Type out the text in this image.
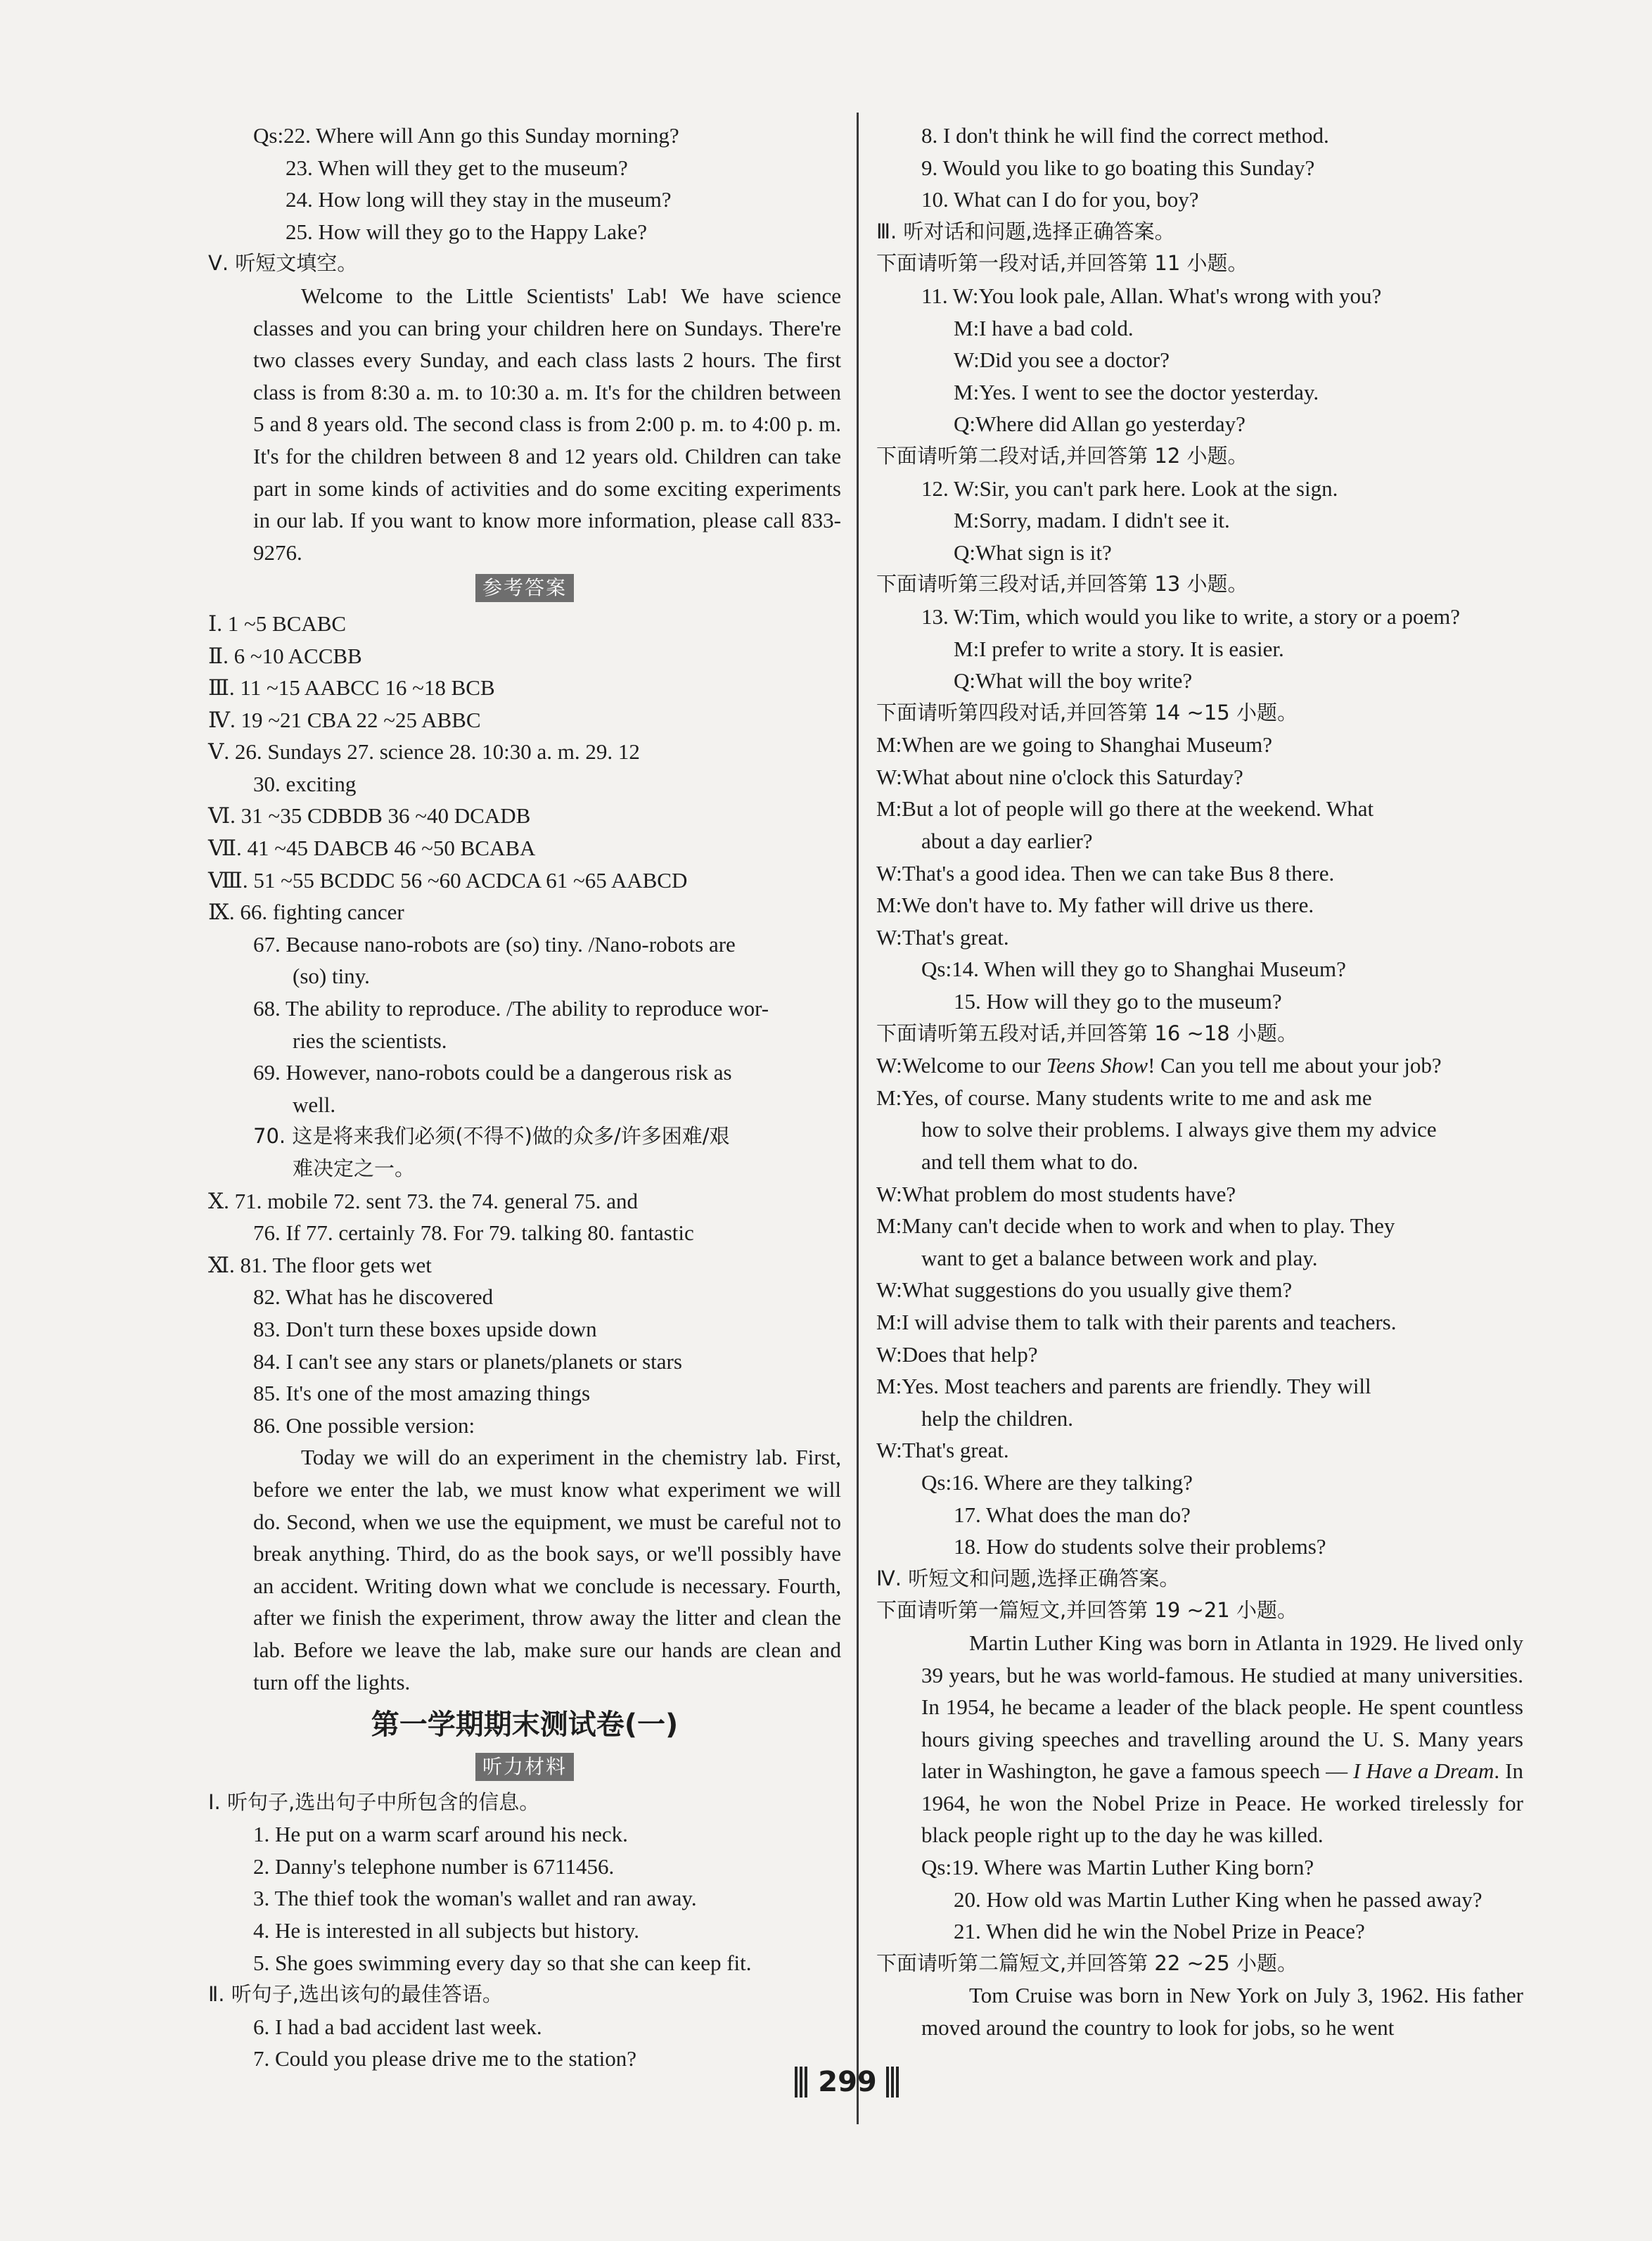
Qs:22. Where will Ann go this Sunday morning?
23. When will they get to the museum?
24. How long will they stay in the museum?
25. How will they go to the Happy Lake?
Ⅴ. 听短文填空。
Welcome to the Little Scientists' Lab! We have science classes and you can bring your children here on Sundays. There're two classes every Sunday, and each class lasts 2 hours. The first class is from 8:30 a. m. to 10:30 a. m. It's for the children between 5 and 8 years old. The second class is from 2:00 p. m. to 4:00 p. m. It's for the children between 8 and 12 years old. Children can take part in some kinds of activities and do some exciting experiments in our lab. If you want to know more information, please call 833-9276.
参考答案
Ⅰ. 1 ~5 BCABC
Ⅱ. 6 ~10 ACCBB
Ⅲ. 11 ~15 AABCC 16 ~18 BCB
Ⅳ. 19 ~21 CBA 22 ~25 ABBC
Ⅴ. 26. Sundays 27. science 28. 10:30 a. m. 29. 12
30. exciting
Ⅵ. 31 ~35 CDBDB 36 ~40 DCADB
Ⅶ. 41 ~45 DABCB 46 ~50 BCABA
Ⅷ. 51 ~55 BCDDC 56 ~60 ACDCA 61 ~65 AABCD
Ⅸ. 66. fighting cancer
67. Because nano-robots are (so) tiny. /Nano-robots are
(so) tiny.
68. The ability to reproduce. /The ability to reproduce wor-
ries the scientists.
69. However, nano-robots could be a dangerous risk as
well.
70. 这是将来我们必须(不得不)做的众多/许多困难/艰
难决定之一。
Ⅹ. 71. mobile 72. sent 73. the 74. general 75. and
76. If 77. certainly 78. For 79. talking 80. fantastic
Ⅺ. 81. The floor gets wet
82. What has he discovered
83. Don't turn these boxes upside down
84. I can't see any stars or planets/planets or stars
85. It's one of the most amazing things
86. One possible version:
Today we will do an experiment in the chemistry lab. First, before we enter the lab, we must know what experiment we will do. Second, when we use the equipment, we must be careful not to break anything. Third, do as the book says, or we'll possibly have an accident. Writing down what we conclude is necessary. Fourth, after we finish the experiment, throw away the litter and clean the lab. Before we leave the lab, make sure our hands are clean and turn off the lights.
第一学期期末测试卷(一)
听力材料
Ⅰ. 听句子,选出句子中所包含的信息。
1. He put on a warm scarf around his neck.
2. Danny's telephone number is 6711456.
3. The thief took the woman's wallet and ran away.
4. He is interested in all subjects but history.
5. She goes swimming every day so that she can keep fit.
Ⅱ. 听句子,选出该句的最佳答语。
6. I had a bad accident last week.
7. Could you please drive me to the station?
8. I don't think he will find the correct method.
9. Would you like to go boating this Sunday?
10. What can I do for you, boy?
Ⅲ. 听对话和问题,选择正确答案。
下面请听第一段对话,并回答第 11 小题。
11. W:You look pale, Allan. What's wrong with you?
M:I have a bad cold.
W:Did you see a doctor?
M:Yes. I went to see the doctor yesterday.
Q:Where did Allan go yesterday?
下面请听第二段对话,并回答第 12 小题。
12. W:Sir, you can't park here. Look at the sign.
M:Sorry, madam. I didn't see it.
Q:What sign is it?
下面请听第三段对话,并回答第 13 小题。
13. W:Tim, which would you like to write, a story or a poem?
M:I prefer to write a story. It is easier.
Q:What will the boy write?
下面请听第四段对话,并回答第 14 ~15 小题。
M:When are we going to Shanghai Museum?
W:What about nine o'clock this Saturday?
M:But a lot of people will go there at the weekend. What
about a day earlier?
W:That's a good idea. Then we can take Bus 8 there.
M:We don't have to. My father will drive us there.
W:That's great.
Qs:14. When will they go to Shanghai Museum?
15. How will they go to the museum?
下面请听第五段对话,并回答第 16 ~18 小题。
W:Welcome to our Teens Show! Can you tell me about your job?
M:Yes, of course. Many students write to me and ask me
how to solve their problems. I always give them my advice
and tell them what to do.
W:What problem do most students have?
M:Many can't decide when to work and when to play. They
want to get a balance between work and play.
W:What suggestions do you usually give them?
M:I will advise them to talk with their parents and teachers.
W:Does that help?
M:Yes. Most teachers and parents are friendly. They will
help the children.
W:That's great.
Qs:16. Where are they talking?
17. What does the man do?
18. How do students solve their problems?
Ⅳ. 听短文和问题,选择正确答案。
下面请听第一篇短文,并回答第 19 ~21 小题。
Martin Luther King was born in Atlanta in 1929. He lived only 39 years, but he was world-famous. He studied at many universities. In 1954, he became a leader of the black people. He spent countless hours giving speeches and travelling around the U. S. Many years later in Washington, he gave a famous speech — I Have a Dream. In 1964, he won the Nobel Prize in Peace. He worked tirelessly for black people right up to the day he was killed.
Qs:19. Where was Martin Luther King born?
20. How old was Martin Luther King when he passed away?
21. When did he win the Nobel Prize in Peace?
下面请听第二篇短文,并回答第 22 ~25 小题。
Tom Cruise was born in New York on July 3, 1962. His father moved around the country to look for jobs, so he went
299
